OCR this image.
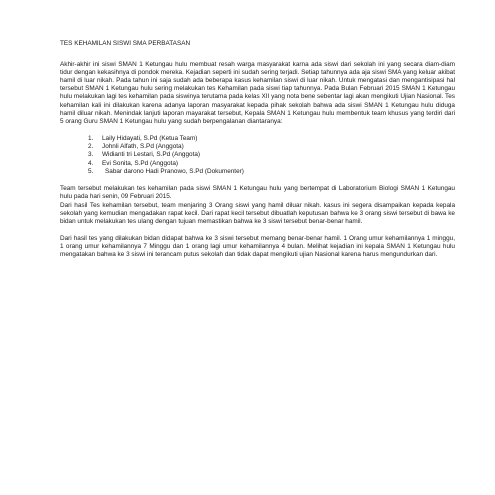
TES KEHAMILAN SISWI SMA PERBATASAN

Akhir-akhir ini siswi SMAN 1 Ketungau hulu membuat resah warga masyarakat karna ada siswi dari sekolah ini yang secara diam-diam tidur dengan kekasihnya di pondok mereka. Kejadian seperti ini sudah sering terjadi. Setiap tahunnya ada aja siswi SMA yang keluar akibat hamil di luar nikah. Pada tahun ini saja sudah ada beberapa kasus kehamilan siswi di luar nikah. Untuk mengatasi dan mengantisipasi hal tersebut SMAN 1 Ketungau hulu sering melakukan tes Kehamilan pada siswi tiap tahunnya. Pada Bulan Februari 2015 SMAN 1 Ketungau hulu melakukan lagi tes kehamilan pada siswinya terutama pada kelas XII yang nota bene sebentar lagi akan mengikuti Ujian Nasional. Tes kehamilan kali ini dilakukan karena adanya laporan masyarakat kepada pihak sekolah bahwa ada siswi SMAN 1 Ketungau hulu diduga hamil diluar nikah. Menindak lanjuti laporan mayarakat tersebut, Kepala SMAN 1 Ketungau hulu membentuk team khusus yang terdiri dari 5 orang Guru SMAN 1 Ketungau hulu yang sudah berpengalanan diantaranya:

1.	Laily Hidayati, S.Pd (Ketua Team)
2.	Johnli Alfath, S.Pd (Anggota)
3.	Widianti tri Lestari, S.Pd (Anggota)
4.	Evi Sonita, S.Pd (Anggota)
5.	Sabar darono Hadi Pranowo, S.Pd (Dokumenter)

Team tersebut melakukan tes kehamilan pada siswi SMAN 1 Ketungau hulu yang bertempat di Laboratorium Biologi SMAN 1 Ketungau hulu pada hari senin, 09 Februari 2015.

Dari hasil Tes kehamilan tersebut, team menjaring 3 Orang siswi yang hamil diluar nikah. kasus ini segera disampaikan kepada kepala sekolah yang kemudian mengadakan rapat kecil. Dari rapat kecil tersebut dibuatlah keputusan bahwa ke 3 orang siswi tersebut di bawa ke bidan untuk melakukan tes ulang dengan tujuan memastikan bahwa ke 3 siswi tersebut benar-benar hamil.

Dari hasil tes yang dilakukan bidan didapat bahwa ke 3 siswi tersebut memang benar-benar hamil. 1 Orang umur kehamilannya 1 minggu, 1 orang umur kehamilannya 7 Minggu dan 1 orang lagi umur kehamilannya 4 bulan. Melihat kejadian ini kepala SMAN 1 Ketungau hulu mengatakan bahwa ke 3 siswi ini terancam putus sekolah dan tidak dapat mengikuti ujian Nasional karena harus mengundurkan dari.
